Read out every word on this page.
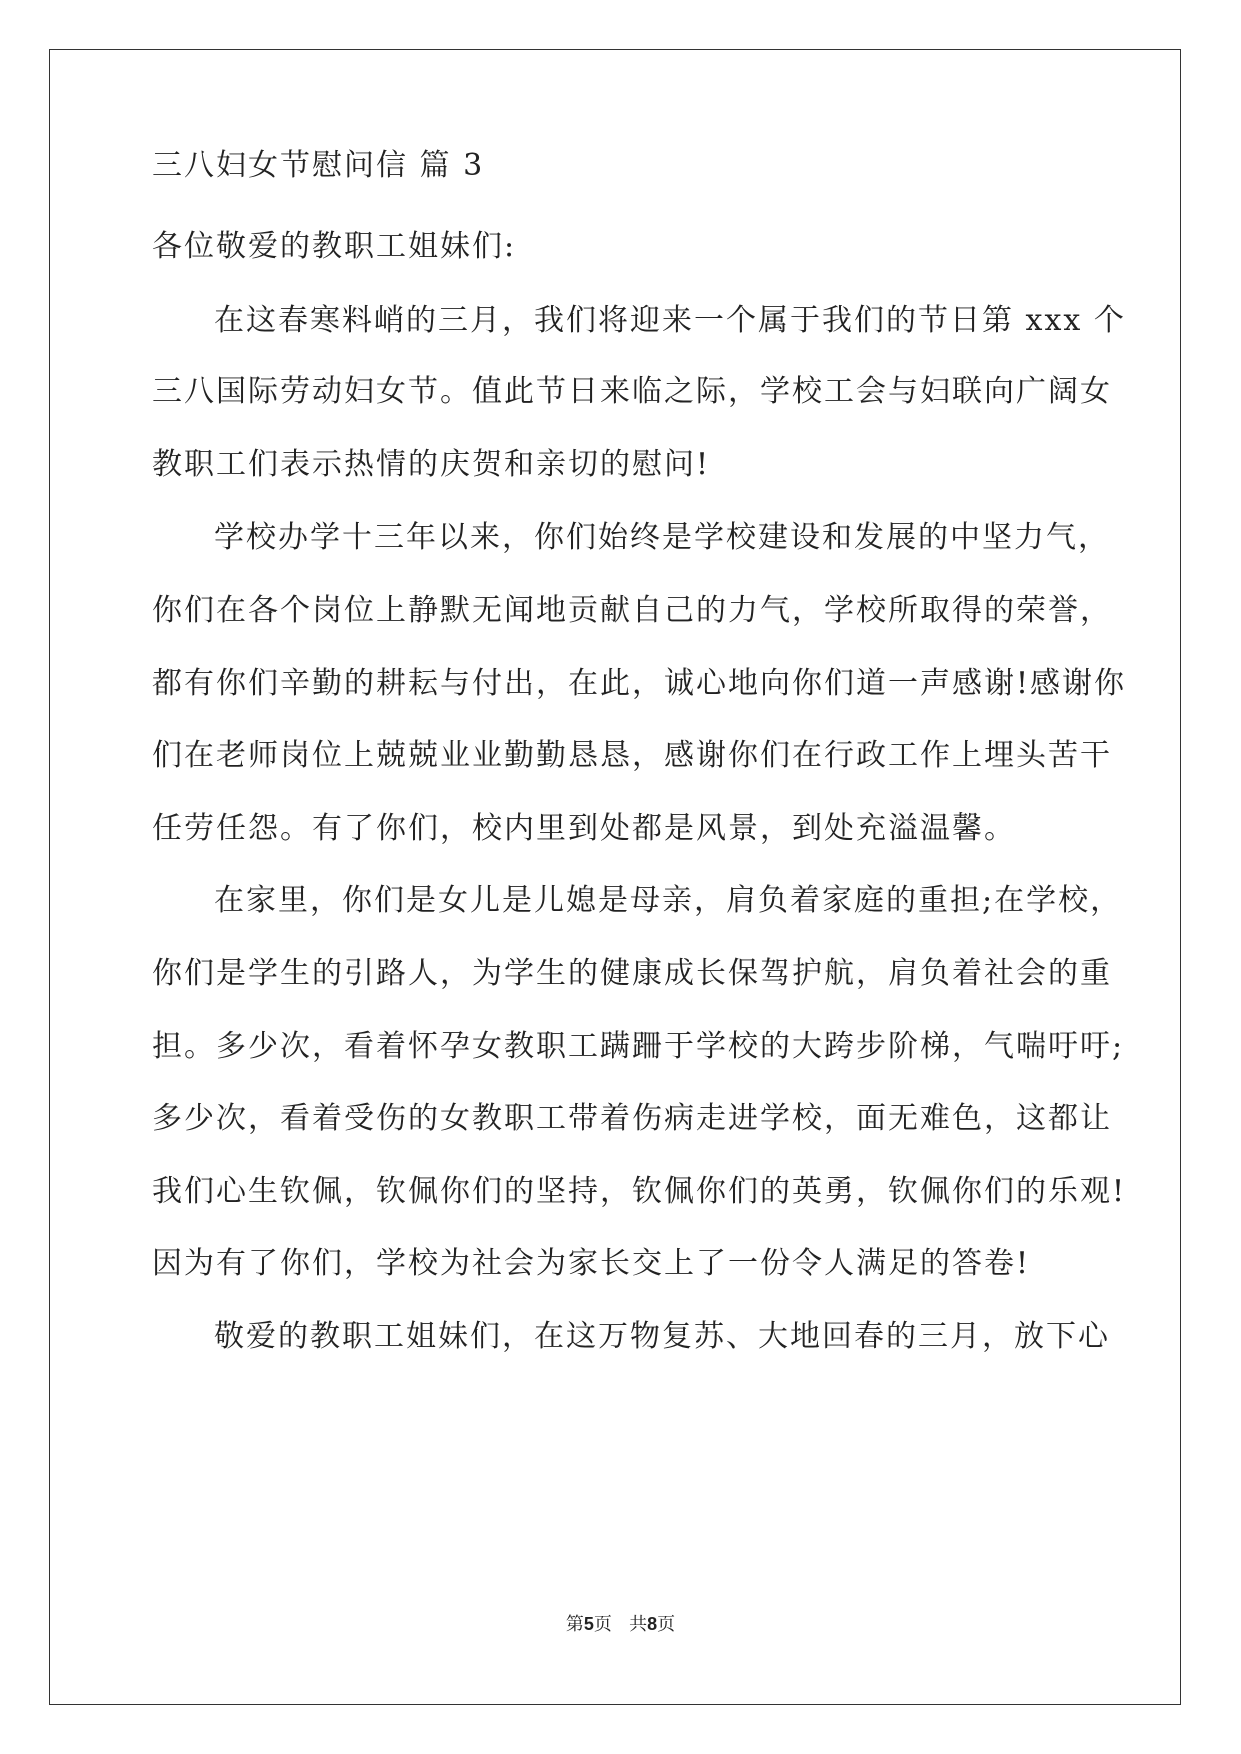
三八妇女节慰问信 篇 3
各位敬爱的教职工姐妹们:
在这春寒料峭的三月，我们将迎来一个属于我们的节日第 xxx 个
三八国际劳动妇女节。值此节日来临之际，学校工会与妇联向广阔女
教职工们表示热情的庆贺和亲切的慰问!
学校办学十三年以来，你们始终是学校建设和发展的中坚力气，
你们在各个岗位上静默无闻地贡献自己的力气，学校所取得的荣誉，
都有你们辛勤的耕耘与付出，在此，诚心地向你们道一声感谢!感谢你
们在老师岗位上兢兢业业勤勤恳恳，感谢你们在行政工作上埋头苦干
任劳任怨。有了你们，校内里到处都是风景，到处充溢温馨。
在家里，你们是女儿是儿媳是母亲，肩负着家庭的重担;在学校，
你们是学生的引路人，为学生的健康成长保驾护航，肩负着社会的重
担。多少次，看着怀孕女教职工蹒跚于学校的大跨步阶梯，气喘吁吁;
多少次，看着受伤的女教职工带着伤病走进学校，面无难色，这都让
我们心生钦佩，钦佩你们的坚持，钦佩你们的英勇，钦佩你们的乐观!
因为有了你们，学校为社会为家长交上了一份令人满足的答卷!
敬爱的教职工姐妹们，在这万物复苏、大地回春的三月，放下心
第5页 共8页
